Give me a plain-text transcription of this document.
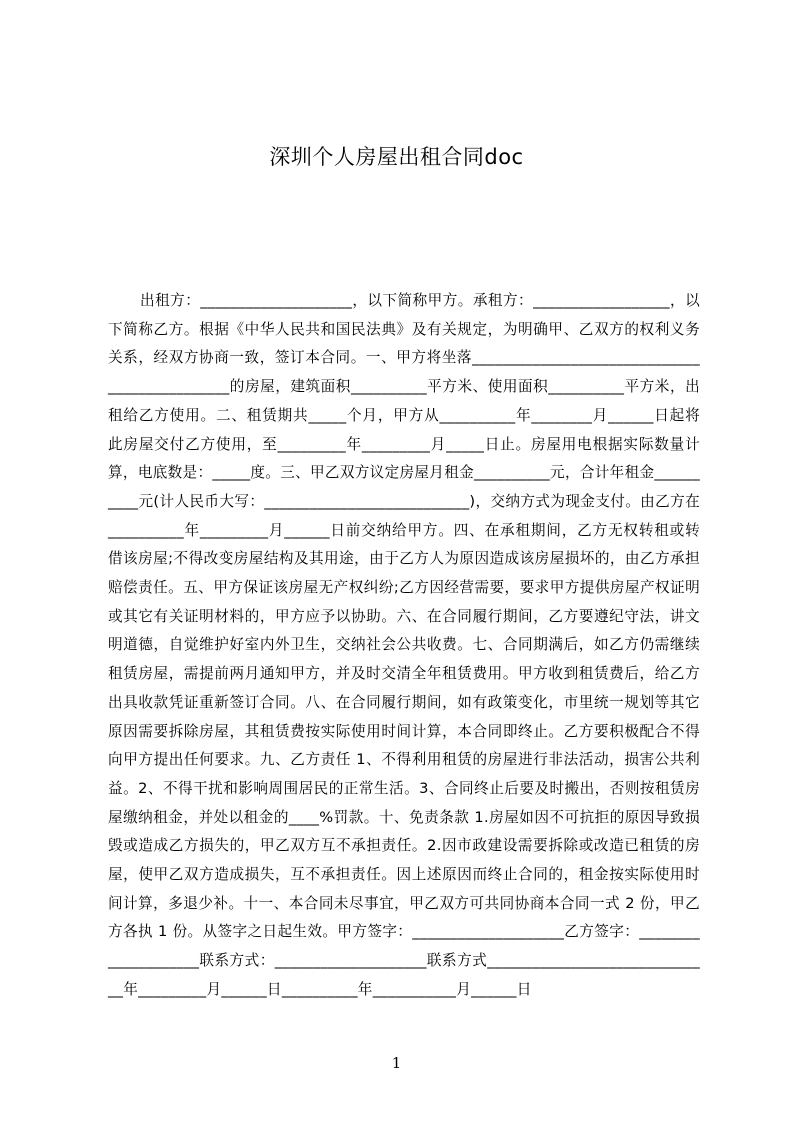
深圳个人房屋出租合同doc

出租方：____________________，以下简称甲方。承租方：__________________，以下简称乙方。根据《中华人民共和国民法典》及有关规定，为明确甲、乙双方的权利义务关系，经双方协商一致，签订本合同。一、甲方将坐落______________________________________________的房屋，建筑面积__________平方米、使用面积__________平方米，出租给乙方使用。二、租赁期共_____个月，甲方从__________年________月______日起将此房屋交付乙方使用，至_________年_________月_____日止。房屋用电根据实际数量计算，电底数是：_____度。三、甲乙双方议定房屋月租金__________元，合计年租金__________元(计人民币大写：___________________________)，交纳方式为现金支付。由乙方在__________年_________月______日前交纳给甲方。四、在承租期间，乙方无权转租或转借该房屋;不得改变房屋结构及其用途，由于乙方人为原因造成该房屋损坏的，由乙方承担赔偿责任。五、甲方保证该房屋无产权纠纷;乙方因经营需要，要求甲方提供房屋产权证明或其它有关证明材料的，甲方应予以协助。六、在合同履行期间，乙方要遵纪守法，讲文明道德，自觉维护好室内外卫生，交纳社会公共收费。七、合同期满后，如乙方仍需继续租赁房屋，需提前两月通知甲方，并及时交清全年租赁费用。甲方收到租赁费后，给乙方出具收款凭证重新签订合同。八、在合同履行期间，如有政策变化，市里统一规划等其它原因需要拆除房屋，其租赁费按实际使用时间计算，本合同即终止。乙方要积极配合不得向甲方提出任何要求。九、乙方责任 1、不得利用租赁的房屋进行非法活动，损害公共利益。2、不得干扰和影响周围居民的正常生活。3、合同终止后要及时搬出，否则按租赁房屋缴纳租金，并处以租金的____%罚款。十、免责条款 1.房屋如因不可抗拒的原因导致损毁或造成乙方损失的，甲乙双方互不承担责任。2.因市政建设需要拆除或改造已租赁的房屋，使甲乙双方造成损失，互不承担责任。因上述原因而终止合同的，租金按实际使用时间计算，多退少补。十一、本合同未尽事宜，甲乙双方可共同协商本合同一式 2 份，甲乙方各执 1 份。从签字之日起生效。甲方签字：____________________乙方签字：____________________联系方式：____________________联系方式______________________________年_________月______日__________年___________月______日

1
